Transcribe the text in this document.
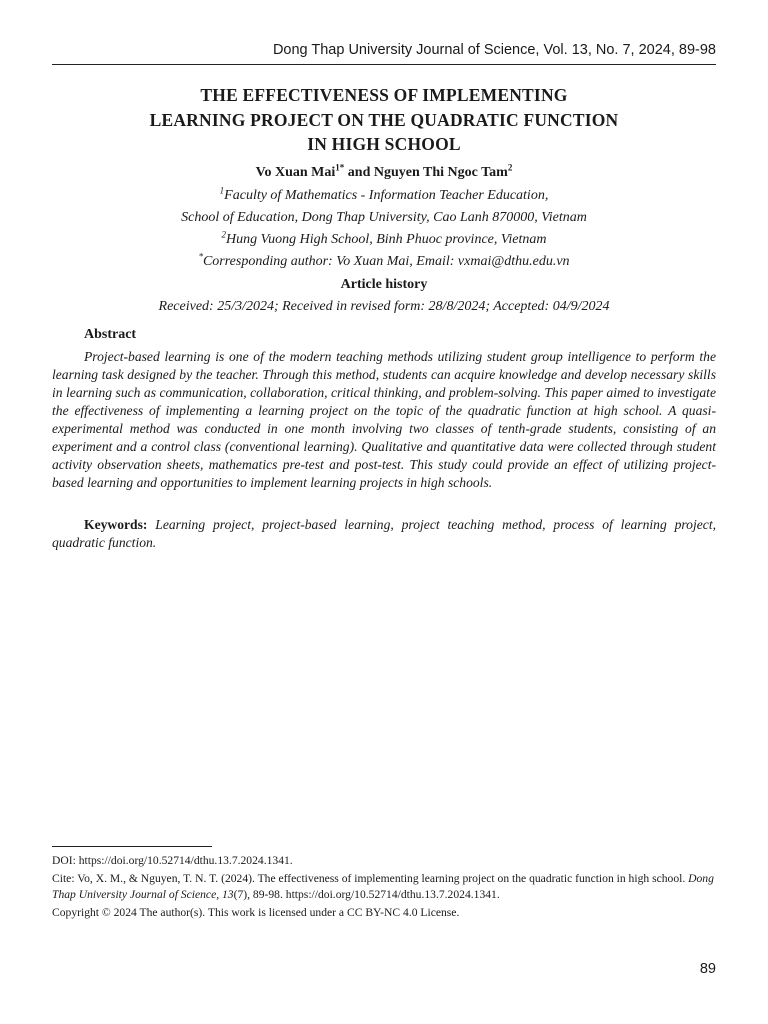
Dong Thap University Journal of Science, Vol. 13, No. 7, 2024, 89-98
THE EFFECTIVENESS OF IMPLEMENTING
LEARNING PROJECT ON THE QUADRATIC FUNCTION
IN HIGH SCHOOL
Vo Xuan Mai$^{1*}$ and Nguyen Thi Ngoc Tam$^2$
$^1$Faculty of Mathematics - Information Teacher Education,
School of Education, Dong Thap University, Cao Lanh 870000, Vietnam
$^2$Hung Vuong High School, Binh Phuoc province, Vietnam
*Corresponding author: Vo Xuan Mai, Email: vxmai@dthu.edu.vn
Article history
Received: 25/3/2024; Received in revised form: 28/8/2024; Accepted: 04/9/2024
Abstract

Project-based learning is one of the modern teaching methods utilizing student group intelligence to perform the learning task designed by the teacher. Through this method, students can acquire knowledge and develop necessary skills in learning such as communication, collaboration, critical thinking, and problem-solving. This paper aimed to investigate the effectiveness of implementing a learning project on the topic of the quadratic function at high school. A quasi-experimental method was conducted in one month involving two classes of tenth-grade students, consisting of an experiment and a control class (conventional learning). Qualitative and quantitative data were collected through student activity observation sheets, mathematics pre-test and post-test. This study could provide an effect of utilizing project-based learning and opportunities to implement learning projects in high schools.

Keywords: Learning project, project-based learning, project teaching method, process of learning project, quadratic function.

DOI: https://doi.org/10.52714/dthu.13.7.2024.1341.

Cite: Vo, X. M., & Nguyen, T. N. T. (2024). The effectiveness of implementing learning project on the quadratic function in high school. Dong Thap University Journal of Science, 13(7), 89-98. https://doi.org/10.52714/dthu.13.7.2024.1341.

Copyright © 2024 The author(s). This work is licensed under a CC BY-NC 4.0 License.

89
